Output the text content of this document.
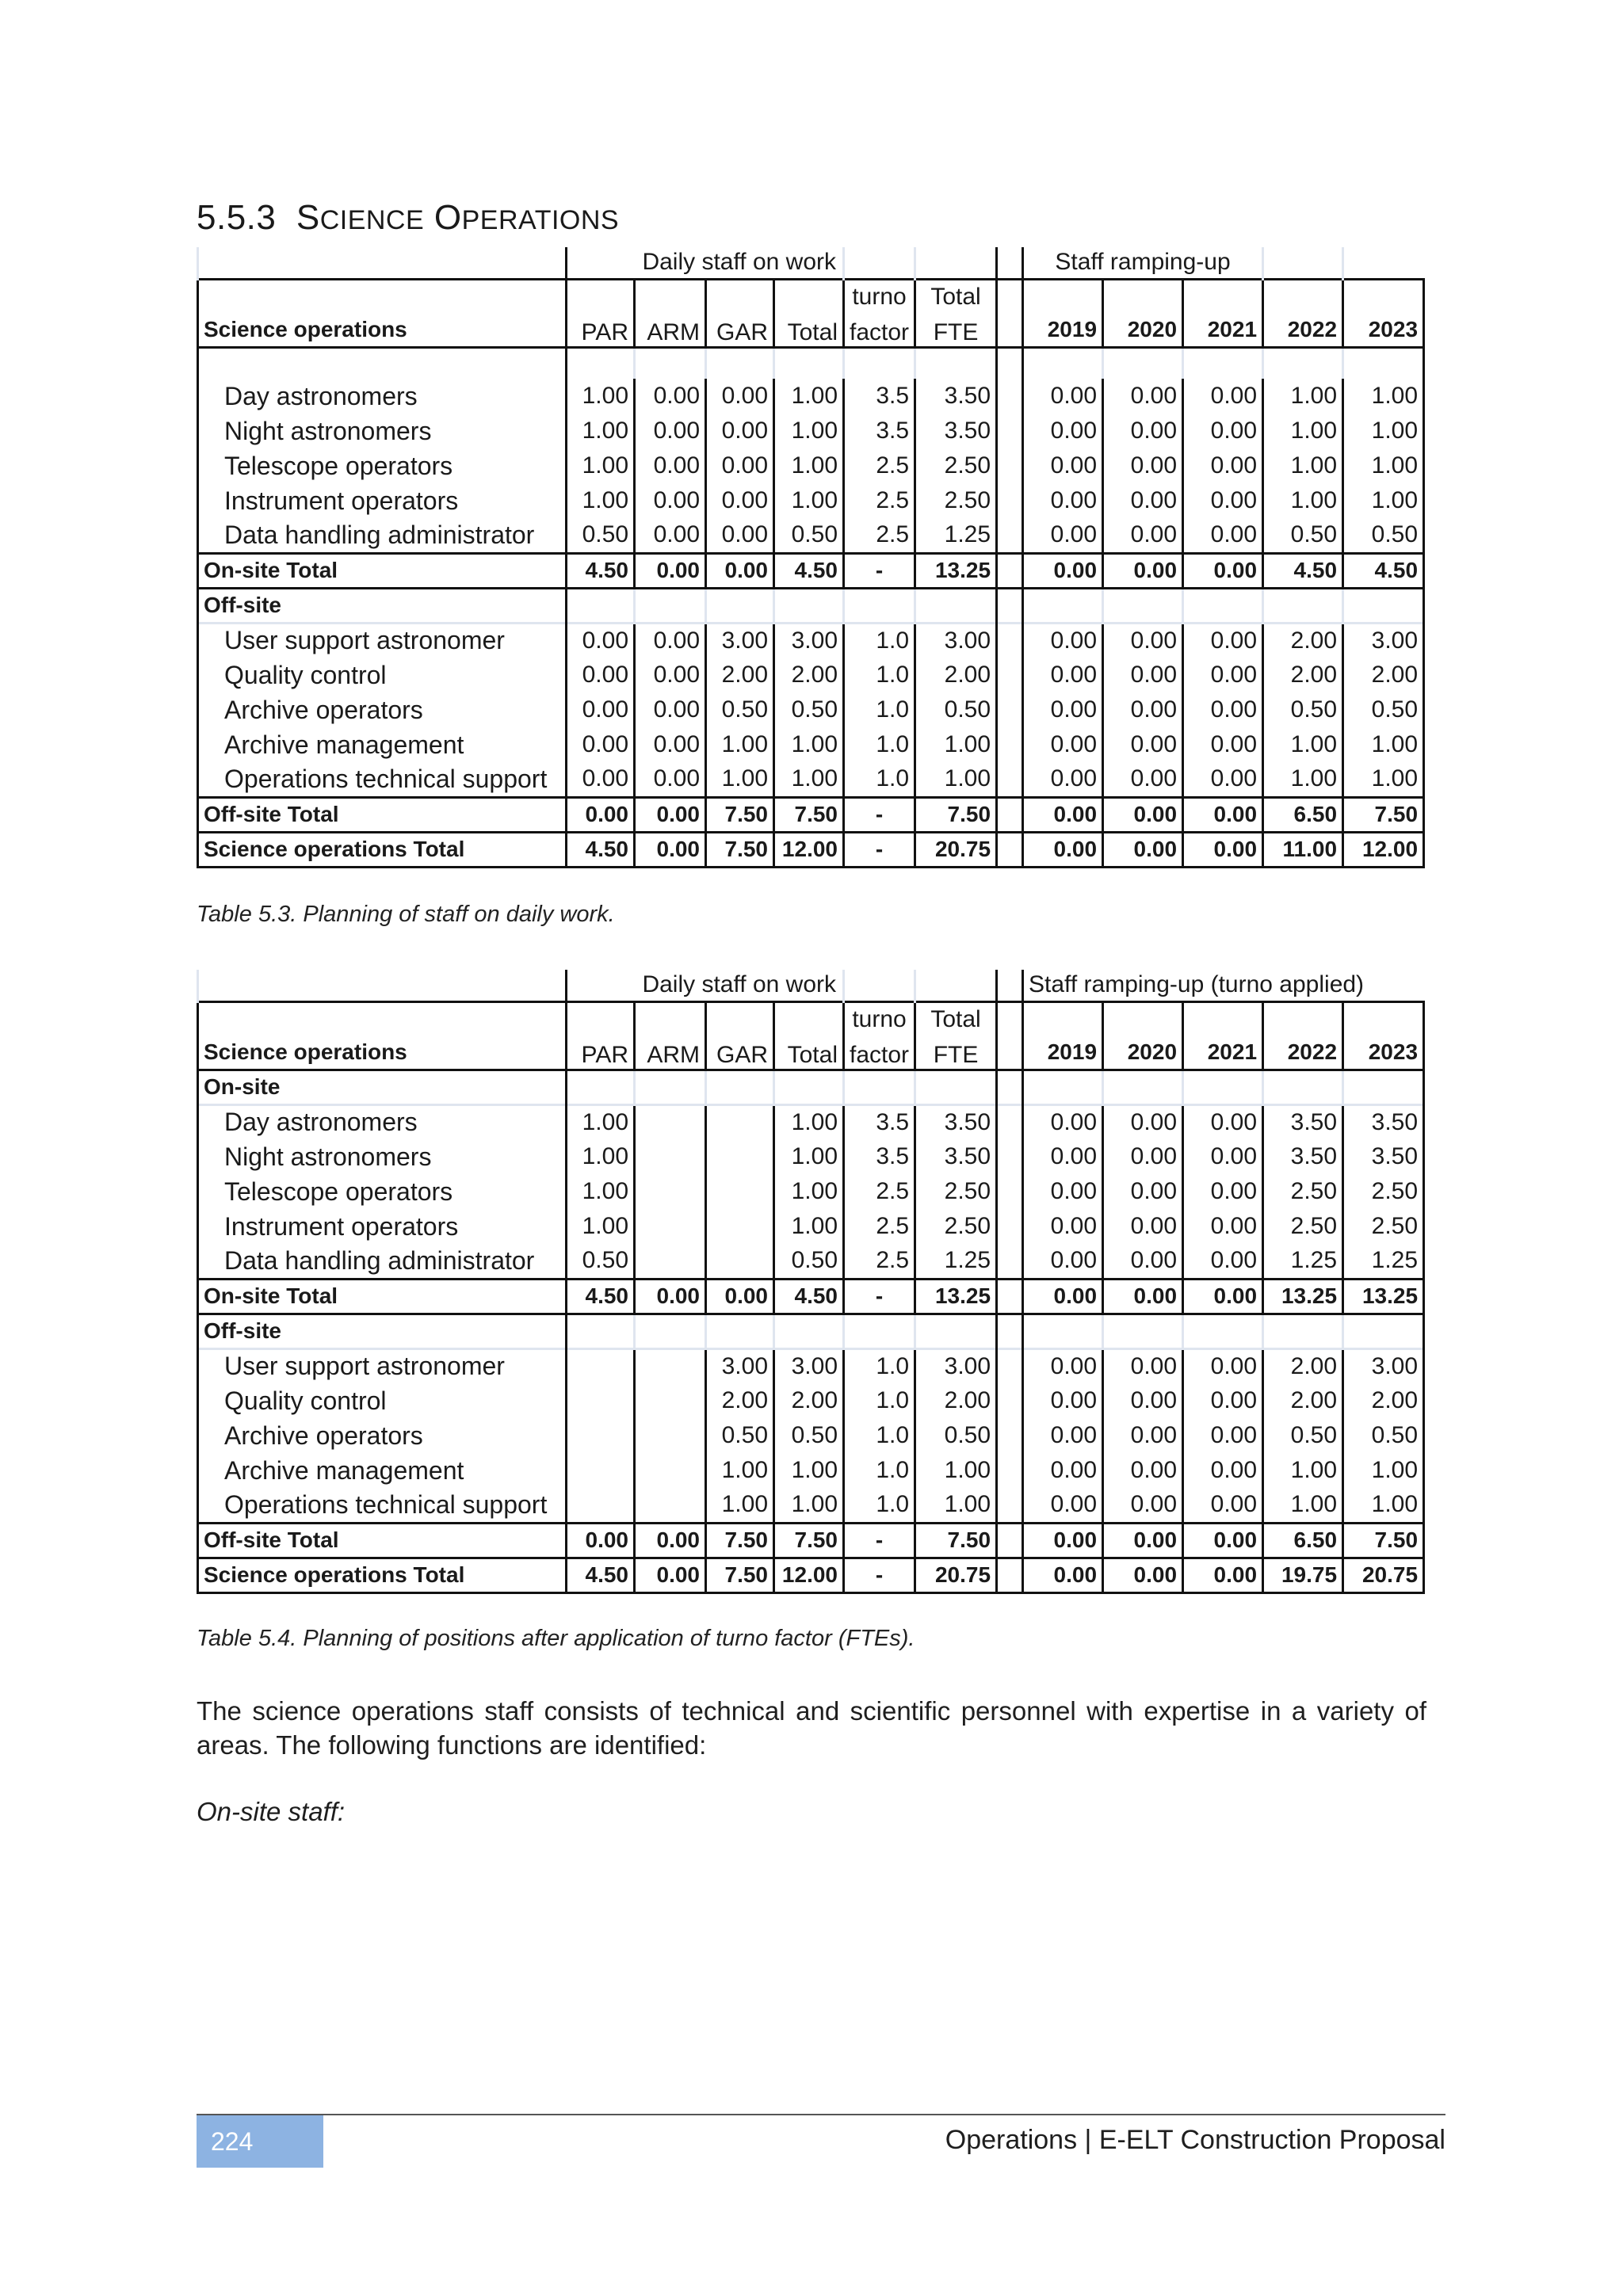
5.5.3 SCIENCE OPERATIONS
	Daily staff on work							Staff ramping-up				
					turno	Total						
Science operations	PAR	ARM	GAR	Total	factor	FTE		2019	2020	2021	2022	2023

Day astronomers	1.00	0.00	0.00	1.00	3.5	3.50		0.00	0.00	0.00	1.00	1.00
Night astronomers	1.00	0.00	0.00	1.00	3.5	3.50		0.00	0.00	0.00	1.00	1.00
Telescope operators	1.00	0.00	0.00	1.00	2.5	2.50		0.00	0.00	0.00	1.00	1.00
Instrument operators	1.00	0.00	0.00	1.00	2.5	2.50		0.00	0.00	0.00	1.00	1.00
Data handling administrator	0.50	0.00	0.00	0.50	2.5	1.25		0.00	0.00	0.00	0.50	0.50
On-site Total	4.50	0.00	0.00	4.50	-	13.25		0.00	0.00	0.00	4.50	4.50
Off-site												
User support astronomer	0.00	0.00	3.00	3.00	1.0	3.00		0.00	0.00	0.00	2.00	3.00
Quality control	0.00	0.00	2.00	2.00	1.0	2.00		0.00	0.00	0.00	2.00	2.00
Archive operators	0.00	0.00	0.50	0.50	1.0	0.50		0.00	0.00	0.00	0.50	0.50
Archive management	0.00	0.00	1.00	1.00	1.0	1.00		0.00	0.00	0.00	1.00	1.00
Operations technical support	0.00	0.00	1.00	1.00	1.0	1.00		0.00	0.00	0.00	1.00	1.00
Off-site Total	0.00	0.00	7.50	7.50	-	7.50		0.00	0.00	0.00	6.50	7.50
Science operations Total	4.50	0.00	7.50	12.00	-	20.75		0.00	0.00	0.00	11.00	12.00
Table 5.3. Planning of staff on daily work.
	Daily staff on work							Staff ramping-up (turno applied)				
					turno	Total						
Science operations	PAR	ARM	GAR	Total	factor	FTE		2019	2020	2021	2022	2023
On-site												
Day astronomers	1.00			1.00	3.5	3.50		0.00	0.00	0.00	3.50	3.50
Night astronomers	1.00			1.00	3.5	3.50		0.00	0.00	0.00	3.50	3.50
Telescope operators	1.00			1.00	2.5	2.50		0.00	0.00	0.00	2.50	2.50
Instrument operators	1.00			1.00	2.5	2.50		0.00	0.00	0.00	2.50	2.50
Data handling administrator	0.50			0.50	2.5	1.25		0.00	0.00	0.00	1.25	1.25
On-site Total	4.50	0.00	0.00	4.50	-	13.25		0.00	0.00	0.00	13.25	13.25
Off-site												
User support astronomer			3.00	3.00	1.0	3.00		0.00	0.00	0.00	2.00	3.00
Quality control			2.00	2.00	1.0	2.00		0.00	0.00	0.00	2.00	2.00
Archive operators			0.50	0.50	1.0	0.50		0.00	0.00	0.00	0.50	0.50
Archive management			1.00	1.00	1.0	1.00		0.00	0.00	0.00	1.00	1.00
Operations technical support			1.00	1.00	1.0	1.00		0.00	0.00	0.00	1.00	1.00
Off-site Total	0.00	0.00	7.50	7.50	-	7.50		0.00	0.00	0.00	6.50	7.50
Science operations Total	4.50	0.00	7.50	12.00	-	20.75		0.00	0.00	0.00	19.75	20.75
Table 5.4. Planning of positions after application of turno factor (FTEs).
The science operations staff consists of technical and scientific personnel with expertise in a variety of areas. The following functions are identified:
On-site staff:
224	Operations | E-ELT Construction Proposal
